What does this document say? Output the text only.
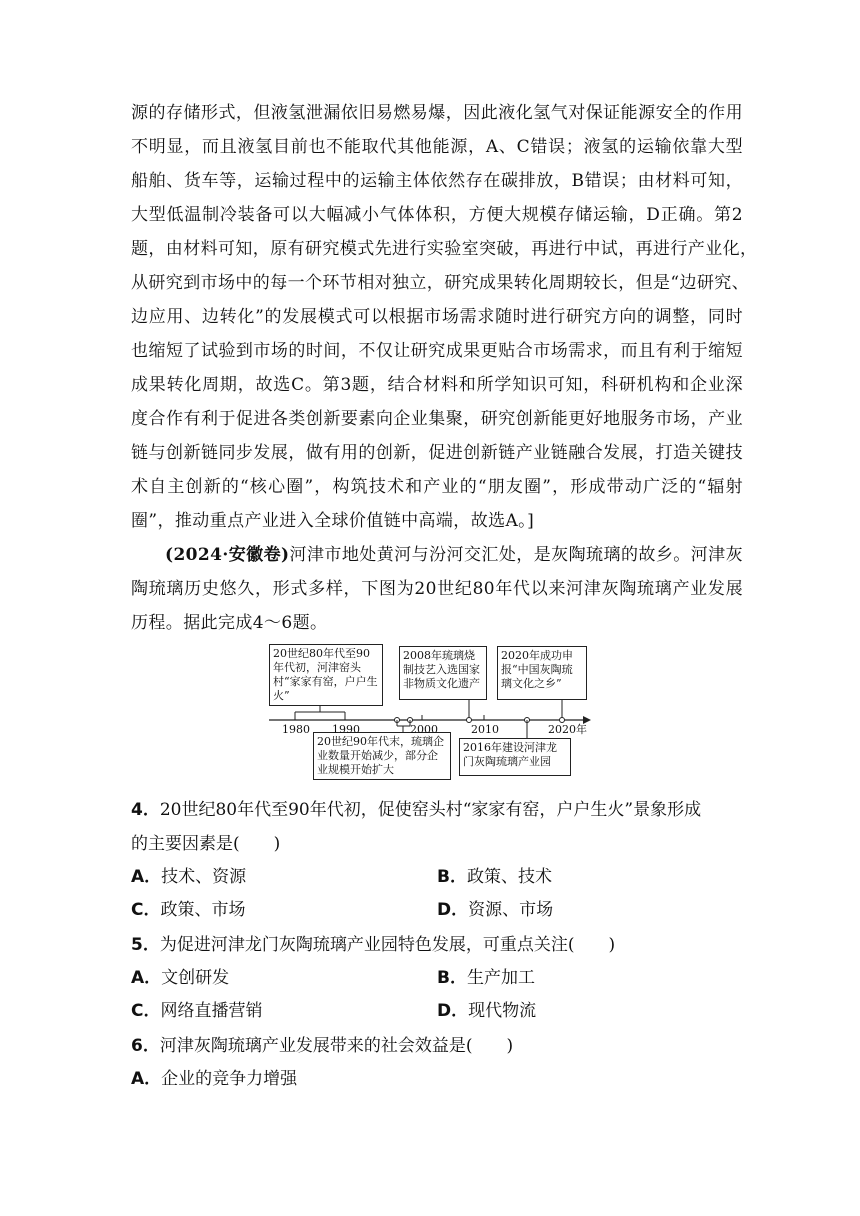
源的存储形式，但液氢泄漏依旧易燃易爆，因此液化氢气对保证能源安全的作用
不明显，而且液氢目前也不能取代其他能源，A、C错误；液氢的运输依靠大型
船舶、货车等，运输过程中的运输主体依然存在碳排放，B错误；由材料可知，
大型低温制冷装备可以大幅减小气体体积，方便大规模存储运输，D正确。第2
题，由材料可知，原有研究模式先进行实验室突破，再进行中试，再进行产业化，
从研究到市场中的每一个环节相对独立，研究成果转化周期较长，但是“边研究、
边应用、边转化”的发展模式可以根据市场需求随时进行研究方向的调整，同时
也缩短了试验到市场的时间，不仅让研究成果更贴合市场需求，而且有利于缩短
成果转化周期，故选C。第3题，结合材料和所学知识可知，科研机构和企业深
度合作有利于促进各类创新要素向企业集聚，研究创新能更好地服务市场，产业
链与创新链同步发展，做有用的创新，促进创新链产业链融合发展，打造关键技
术自主创新的“核心圈”，构筑技术和产业的“朋友圈”，形成带动广泛的“辐射
圈”，推动重点产业进入全球价值链中高端，故选A。]
(2024·安徽卷)河津市地处黄河与汾河交汇处，是灰陶琉璃的故乡。河津灰
陶琉璃历史悠久，形式多样，下图为20世纪80年代以来河津灰陶琉璃产业发展
历程。据此完成4～6题。
20世纪80年代至90年代初，河津窑头村“家家有窑，户户生火”
2008年琉璃烧制技艺入选国家非物质文化遗产
2020年成功申报“中国灰陶琉璃文化之乡”
20世纪90年代末，琉璃企业数量开始减少，部分企业规模开始扩大
2016年建设河津龙门灰陶琉璃产业园
1980 1990	2000	2010	2020年
4．20世纪80年代至90年代初，促使窑头村“家家有窑，户户生火”景象形成
的主要因素是(　　)
A．技术、资源	B．政策、技术
C．政策、市场	D．资源、市场
5．为促进河津龙门灰陶琉璃产业园特色发展，可重点关注(　　)
A．文创研发	B．生产加工
C．网络直播营销	D．现代物流
6．河津灰陶琉璃产业发展带来的社会效益是(　　)
A．企业的竞争力增强
